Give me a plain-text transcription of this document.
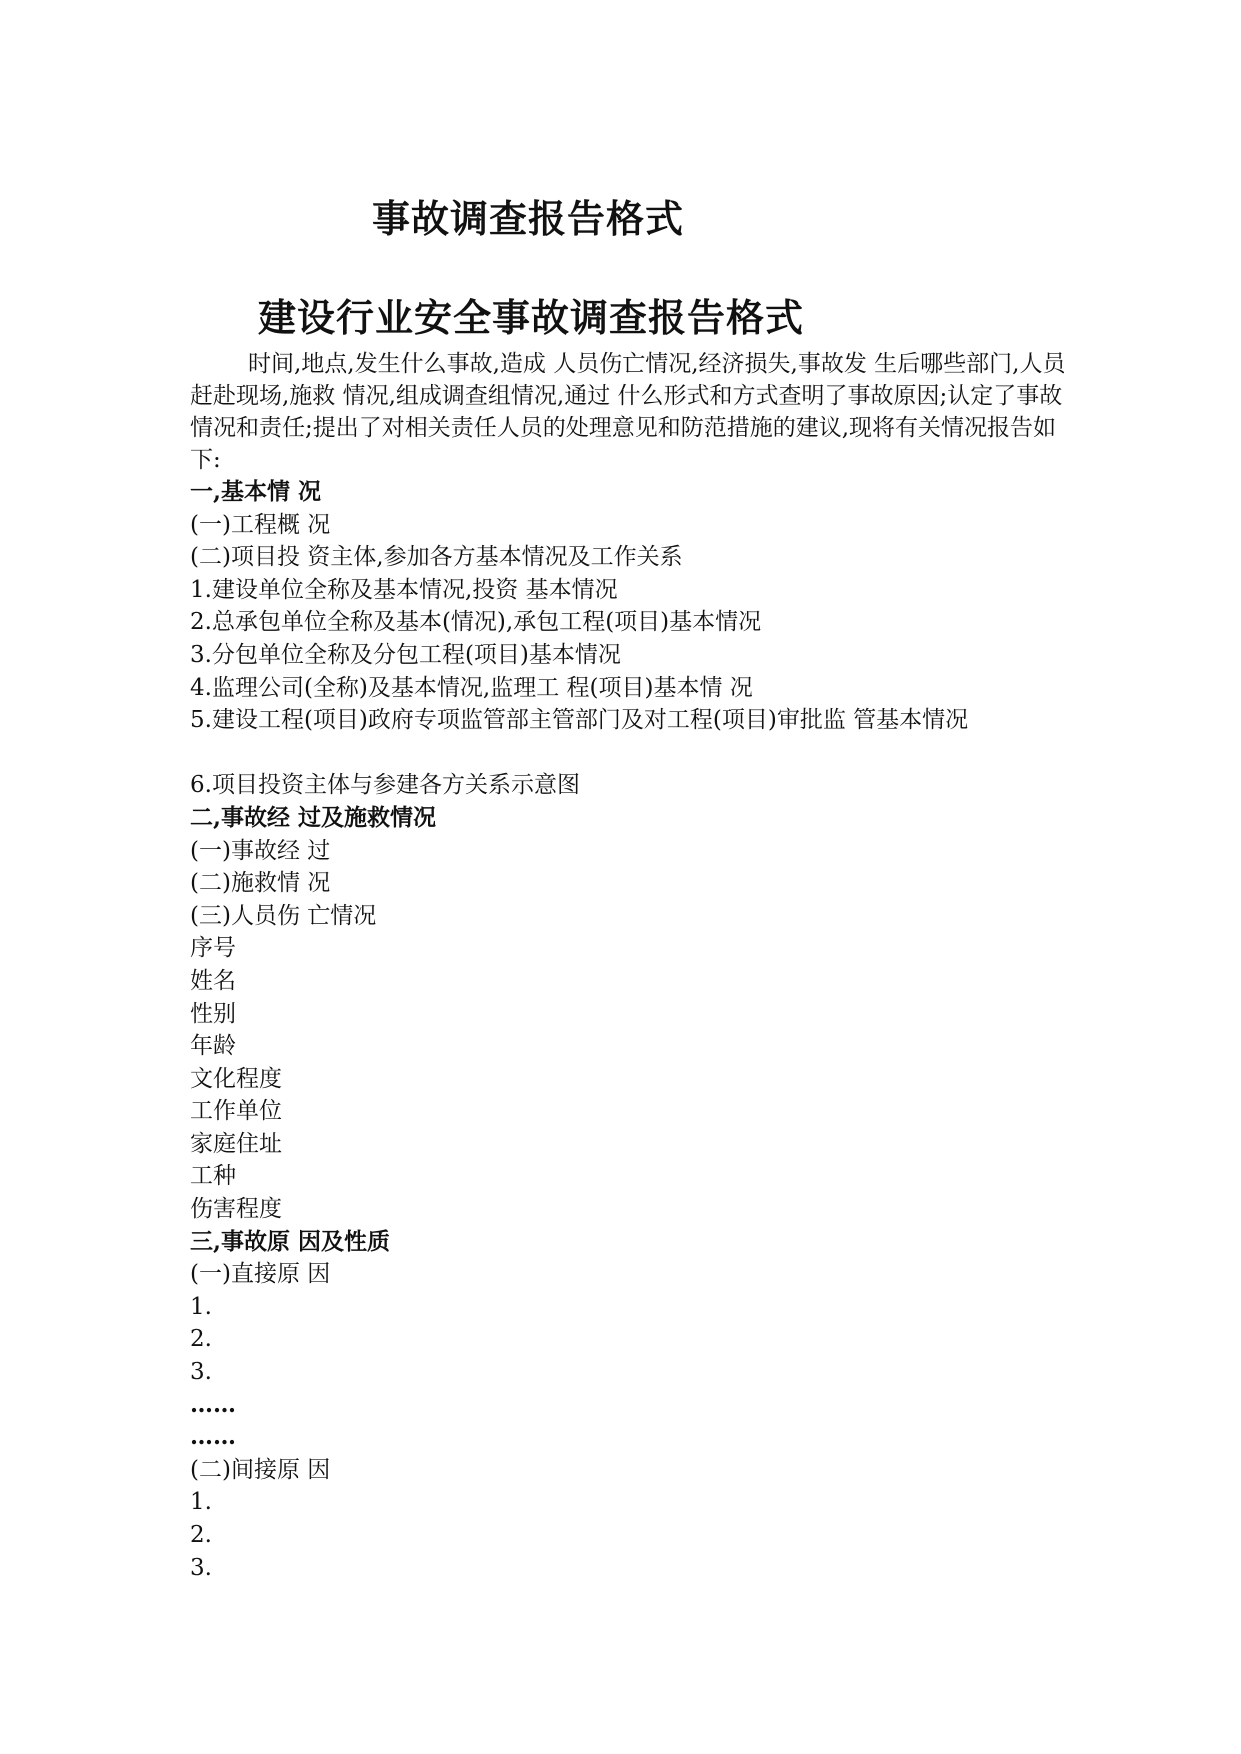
事故调查报告格式
建设行业安全事故调查报告格式

时间,地点,发生什么事故,造成 人员伤亡情况,经济损失,事故发 生后哪些部门,人员赶赴现场,施救 情况,组成调查组情况,通过 什么形式和方式查明了事故原因;认定了事故情况和责任;提出了对相关责任人员的处理意见和防范措施的建议,现将有关情况报告如下:

一,基本情 况
(一)工程概 况
(二)项目投 资主体,参加各方基本情况及工作关系
1.建设单位全称及基本情况,投资 基本情况
2.总承包单位全称及基本(情况),承包工程(项目)基本情况
3.分包单位全称及分包工程(项目)基本情况
4.监理公司(全称)及基本情况,监理工 程(项目)基本情 况
5.建设工程(项目)政府专项监管部主管部门及对工程(项目)审批监 管基本情况
6.项目投资主体与参建各方关系示意图
二,事故经 过及施救情况
(一)事故经 过
(二)施救情 况
(三)人员伤 亡情况
序号
姓名
性别
年龄
文化程度
工作单位
家庭住址
工种
伤害程度
三,事故原 因及性质
(一)直接原 因
1.
2.
3.
……
……
(二)间接原 因
1.
2.
3.
